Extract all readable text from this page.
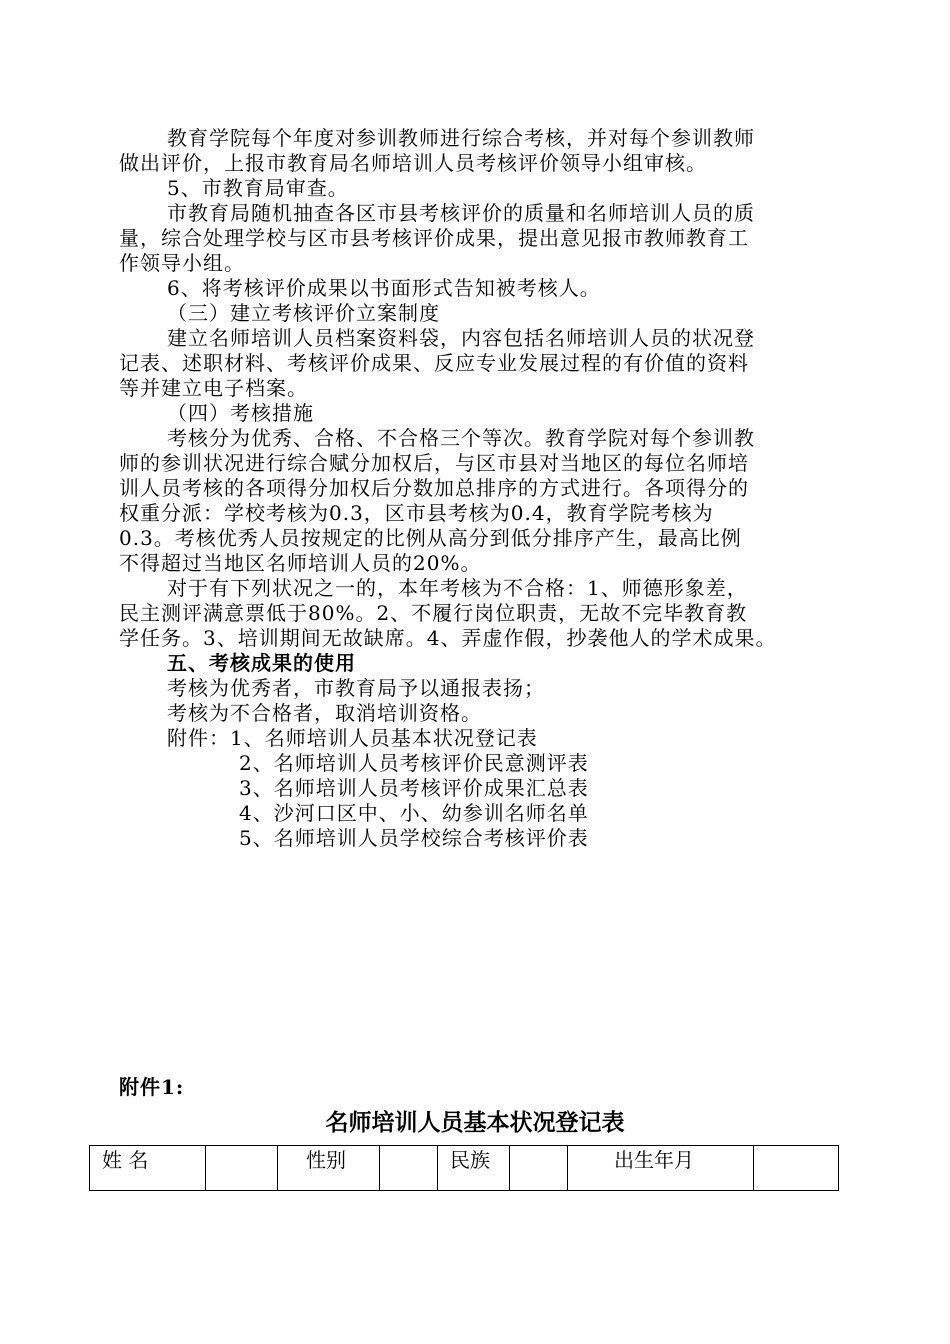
教育学院每个年度对参训教师进行综合考核，并对每个参训教师
做出评价，上报市教育局名师培训人员考核评价领导小组审核。
5、市教育局审查。
市教育局随机抽查各区市县考核评价的质量和名师培训人员的质
量，综合处理学校与区市县考核评价成果，提出意见报市教师教育工
作领导小组。
6、将考核评价成果以书面形式告知被考核人。
（三）建立考核评价立案制度
建立名师培训人员档案资料袋，内容包括名师培训人员的状况登
记表、述职材料、考核评价成果、反应专业发展过程的有价值的资料
等并建立电子档案。
（四）考核措施
考核分为优秀、合格、不合格三个等次。教育学院对每个参训教
师的参训状况进行综合赋分加权后，与区市县对当地区的每位名师培
训人员考核的各项得分加权后分数加总排序的方式进行。各项得分的
权重分派：学校考核为0.3，区市县考核为0.4，教育学院考核为
0.3。考核优秀人员按规定的比例从高分到低分排序产生，最高比例
不得超过当地区名师培训人员的20%。
对于有下列状况之一的，本年考核为不合格：1、师德形象差，
民主测评满意票低于80%。2、不履行岗位职责，无故不完毕教育教
学任务。3、培训期间无故缺席。4、弄虚作假，抄袭他人的学术成果。
五、考核成果的使用
考核为优秀者，市教育局予以通报表扬；
考核为不合格者，取消培训资格。
附件：1、名师培训人员基本状况登记表
2、名师培训人员考核评价民意测评表
3、名师培训人员考核评价成果汇总表
4、沙河口区中、小、幼参训名师名单
5、名师培训人员学校综合考核评价表
附件1:
名师培训人员基本状况登记表
姓 名		性别		民族		出生年月	
